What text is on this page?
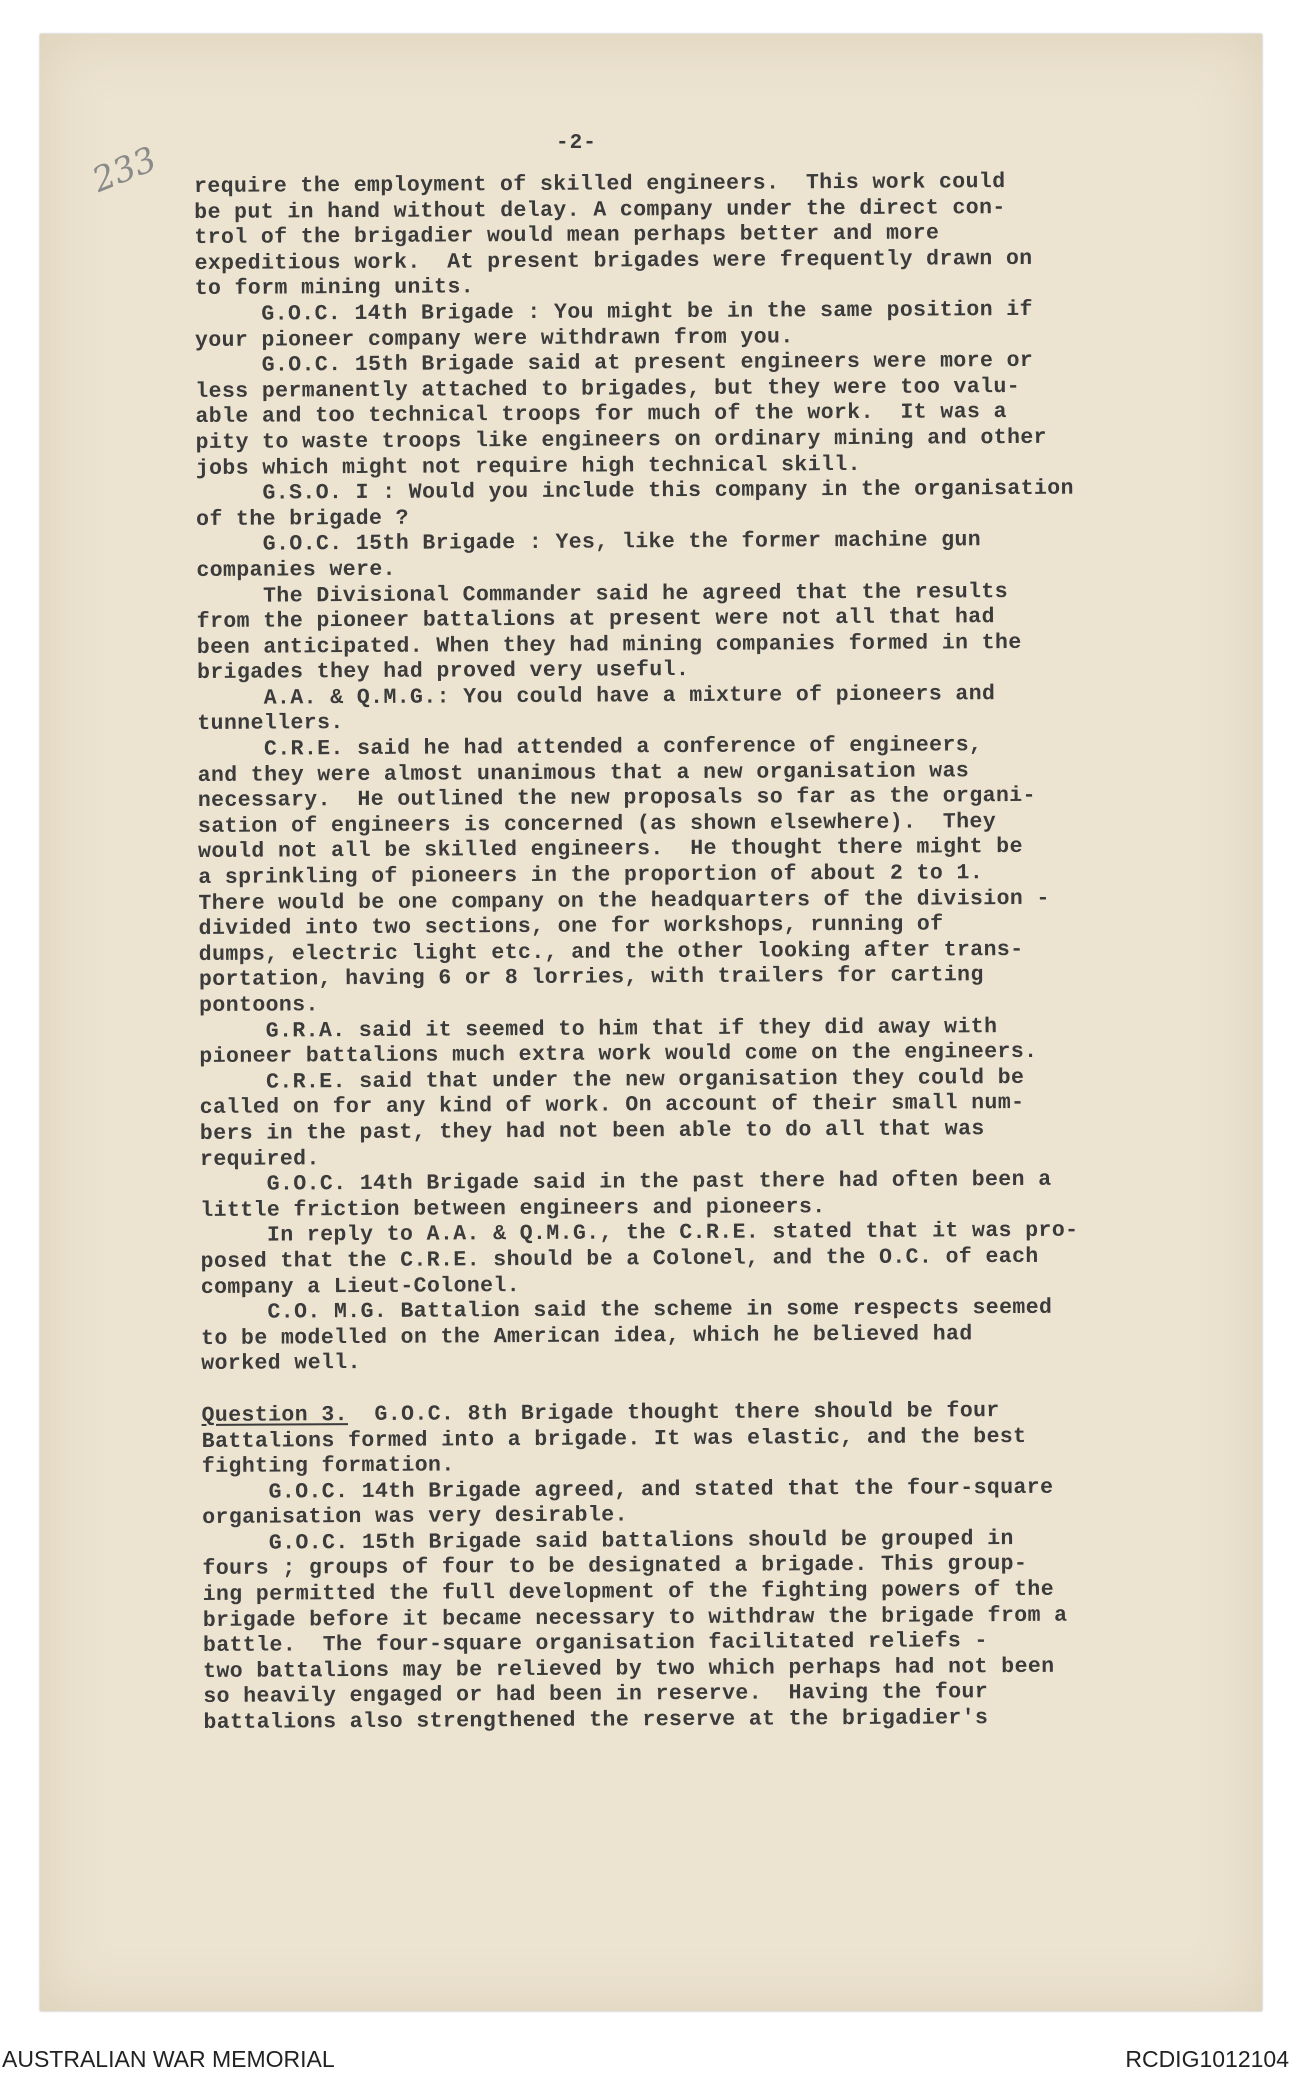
233	-2-
require the employment of skilled engineers.  This work could
be put in hand without delay. A company under the direct con-
trol of the brigadier would mean perhaps better and more
expeditious work.  At present brigades were frequently drawn on
to form mining units.
G.O.C. 14th Brigade : You might be in the same position if
your pioneer company were withdrawn from you.
G.O.C. 15th Brigade said at present engineers were more or
less permanently attached to brigades, but they were too valu-
able and too technical troops for much of the work.  It was a
pity to waste troops like engineers on ordinary mining and other
jobs which might not require high technical skill.
G.S.O. I : Would you include this company in the organisation
of the brigade ?
G.O.C. 15th Brigade : Yes, like the former machine gun
companies were.
The Divisional Commander said he agreed that the results
from the pioneer battalions at present were not all that had
been anticipated. When they had mining companies formed in the
brigades they had proved very useful.
A.A. & Q.M.G.: You could have a mixture of pioneers and
tunnellers.
C.R.E. said he had attended a conference of engineers,
and they were almost unanimous that a new organisation was
necessary.  He outlined the new proposals so far as the organi-
sation of engineers is concerned (as shown elsewhere).  They
would not all be skilled engineers.  He thought there might be
a sprinkling of pioneers in the proportion of about 2 to 1.
There would be one company on the headquarters of the division -
divided into two sections, one for workshops, running of
dumps, electric light etc., and the other looking after trans-
portation, having 6 or 8 lorries, with trailers for carting
pontoons.
G.R.A. said it seemed to him that if they did away with
pioneer battalions much extra work would come on the engineers.
C.R.E. said that under the new organisation they could be
called on for any kind of work. On account of their small num-
bers in the past, they had not been able to do all that was
required.
G.O.C. 14th Brigade said in the past there had often been a
little friction between engineers and pioneers.
In reply to A.A. & Q.M.G., the C.R.E. stated that it was pro-
posed that the C.R.E. should be a Colonel, and the O.C. of each
company a Lieut-Colonel.
C.O. M.G. Battalion said the scheme in some respects seemed
to be modelled on the American idea, which he believed had
worked well.
Question 3.  G.O.C. 8th Brigade thought there should be four
Battalions formed into a brigade. It was elastic, and the best
fighting formation.
G.O.C. 14th Brigade agreed, and stated that the four-square
organisation was very desirable.
G.O.C. 15th Brigade said battalions should be grouped in
fours ; groups of four to be designated a brigade. This group-
ing permitted the full development of the fighting powers of the
brigade before it became necessary to withdraw the brigade from a
battle.  The four-square organisation facilitated reliefs -
two battalions may be relieved by two which perhaps had not been
so heavily engaged or had been in reserve.  Having the four
battalions also strengthened the reserve at the brigadier's
AUSTRALIAN WAR MEMORIAL	RCDIG1012104
